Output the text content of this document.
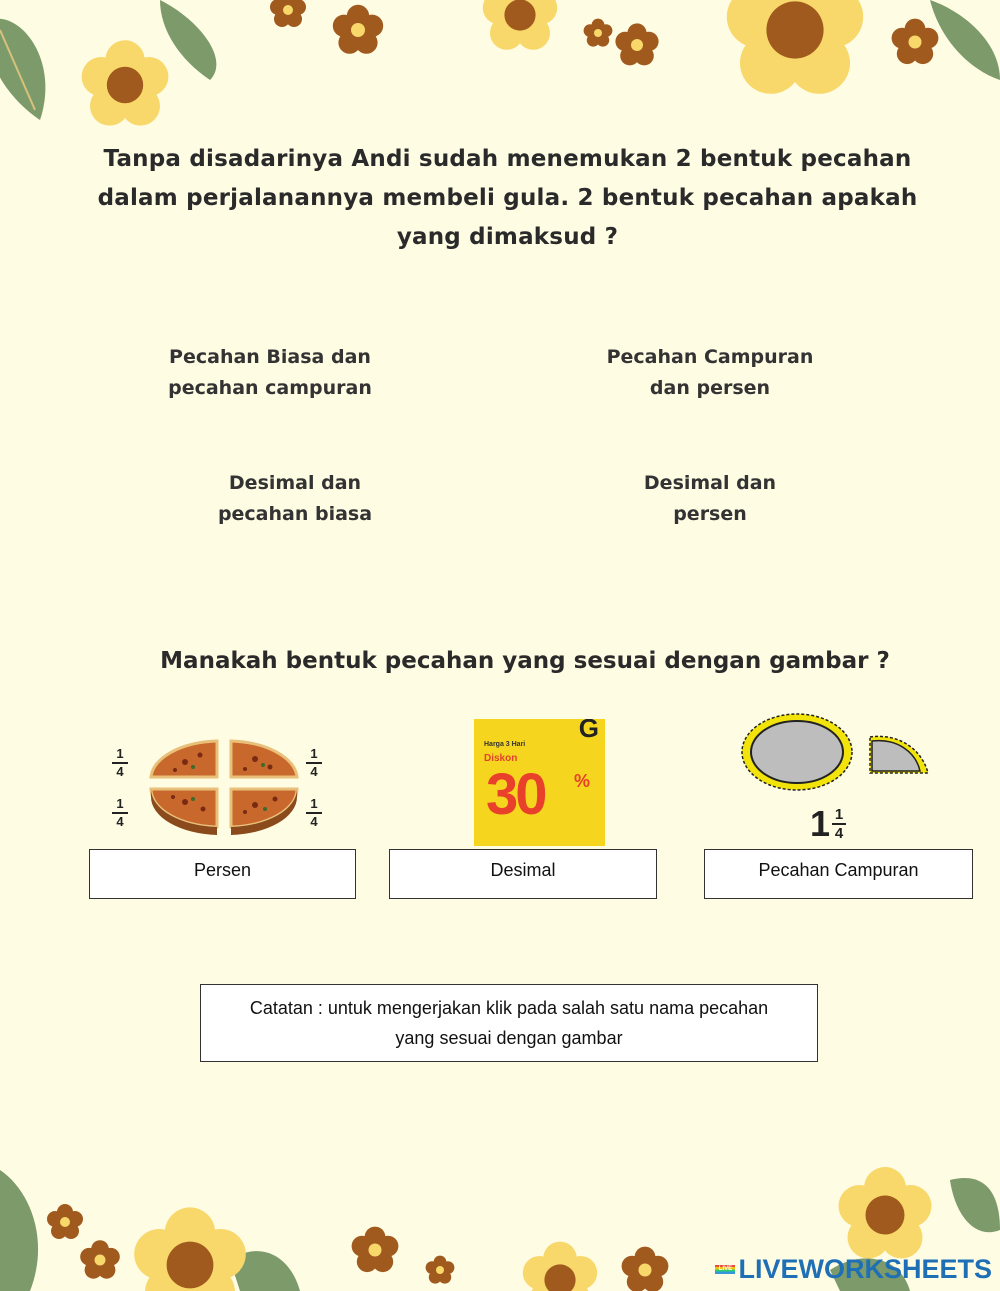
Tanpa disadarinya Andi sudah menemukan 2 bentuk pecahan
dalam perjalanannya membeli gula. 2 bentuk pecahan apakah
yang dimaksud ?
Pecahan Biasa dan
pecahan campuran
Pecahan Campuran
dan persen
Desimal dan
pecahan biasa
Desimal dan
persen
Manakah bentuk pecahan yang sesuai dengan gambar ?
1
4
1
4
1
4
1
4
G
Harga 3 Hari
Diskon
30 %
$1 \frac{1}{4}$
Persen	Desimal	Pecahan Campuran
Catatan : untuk mengerjakan klik pada salah satu nama pecahan
yang sesuai dengan gambar
LIVE LIVEWORKSHEETS
